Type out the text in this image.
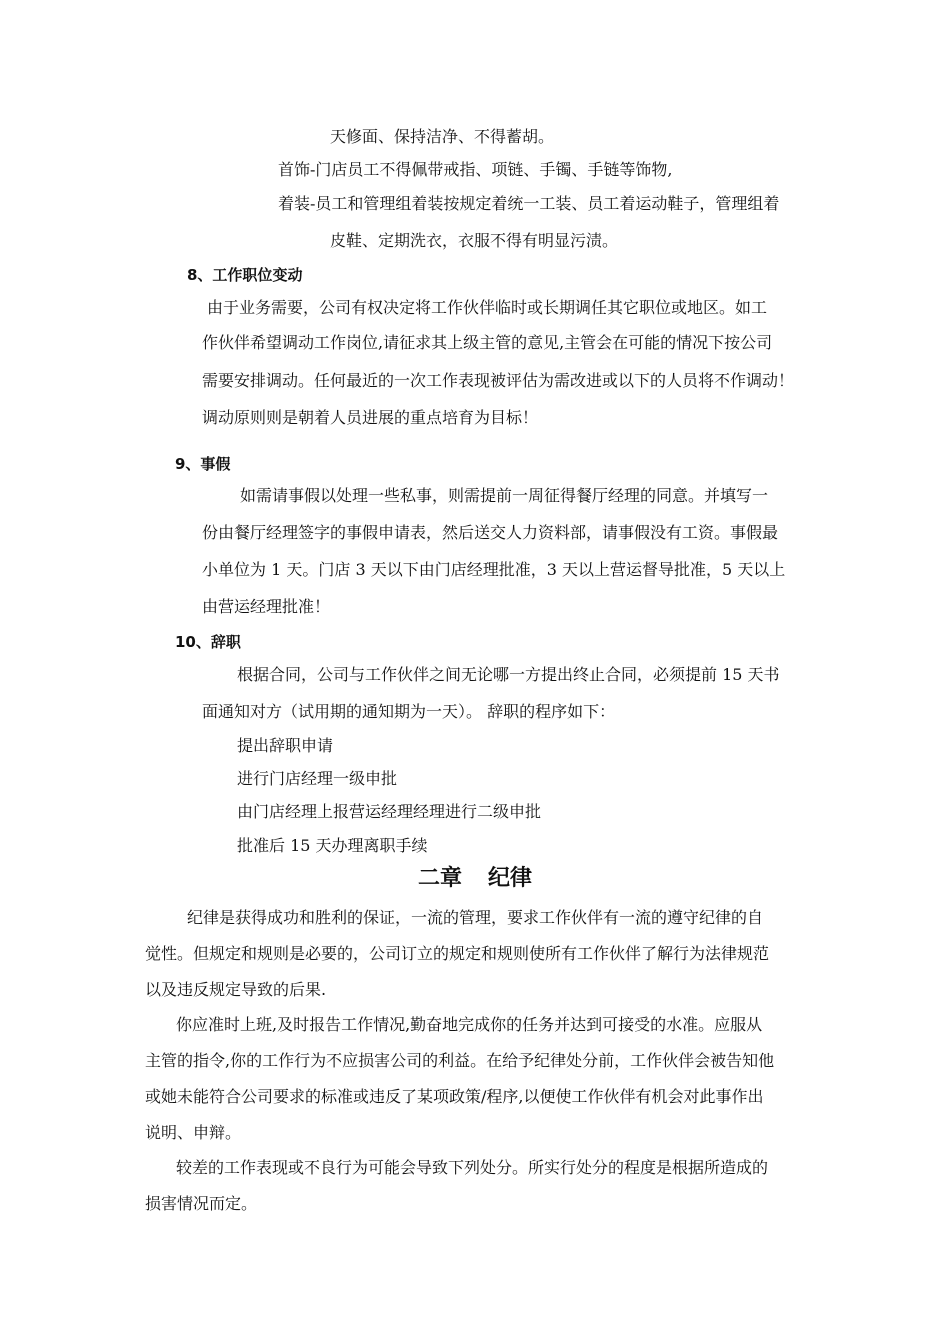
天修面、保持洁净、不得蓄胡。
首饰-门店员工不得佩带戒指、项链、手镯、手链等饰物,
着装-员工和管理组着装按规定着统一工装、员工着运动鞋子，管理组着
皮鞋、定期洗衣，衣服不得有明显污渍。
8、工作职位变动
由于业务需要，公司有权决定将工作伙伴临时或长期调任其它职位或地区。如工
作伙伴希望调动工作岗位,请征求其上级主管的意见,主管会在可能的情况下按公司
需要安排调动。任何最近的一次工作表现被评估为需改进或以下的人员将不作调动！
调动原则则是朝着人员进展的重点培育为目标！
9、事假
如需请事假以处理一些私事，则需提前一周征得餐厅经理的同意。并填写一
份由餐厅经理签字的事假申请表，然后送交人力资料部，请事假没有工资。事假最
小单位为 1 天。门店 3 天以下由门店经理批准，3 天以上营运督导批准，5 天以上
由营运经理批准！
10、辞职
根据合同，公司与工作伙伴之间无论哪一方提出终止合同，必须提前 15 天书
面通知对方（试用期的通知期为一天）。 辞职的程序如下：
提出辞职申请
进行门店经理一级申批
由门店经理上报营运经理经理进行二级申批
批准后 15 天办理离职手续
二章 纪律
纪律是获得成功和胜利的保证，一流的管理，要求工作伙伴有一流的遵守纪律的自
觉性。但规定和规则是必要的，公司订立的规定和规则使所有工作伙伴了解行为法律规范
以及违反规定导致的后果.
你应准时上班,及时报告工作情况,勤奋地完成你的任务并达到可接受的水准。应服从
主管的指令,你的工作行为不应损害公司的利益。在给予纪律处分前，工作伙伴会被告知他
或她未能符合公司要求的标准或违反了某项政策/程序,以便使工作伙伴有机会对此事作出
说明、申辩。
较差的工作表现或不良行为可能会导致下列处分。所实行处分的程度是根据所造成的
损害情况而定。
